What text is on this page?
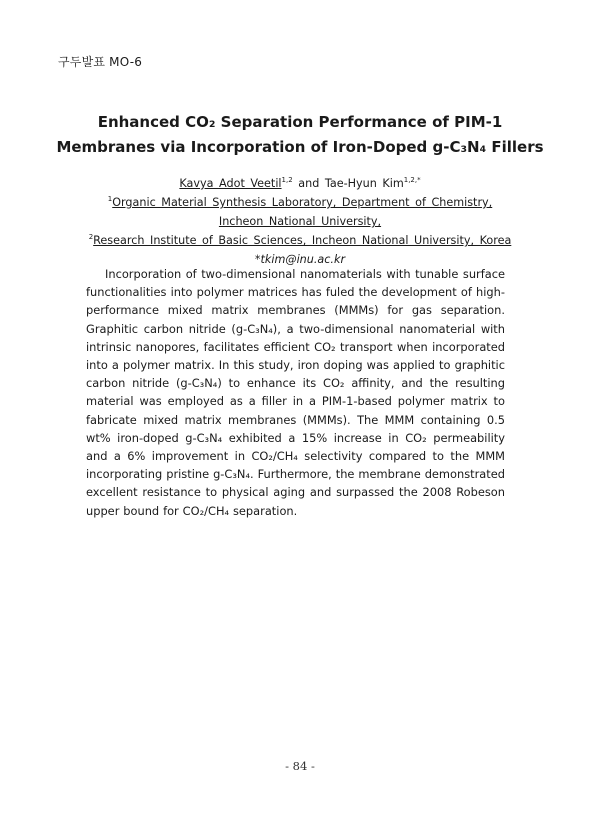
구두발표 MO-6
Enhanced CO₂ Separation Performance of PIM-1
Membranes via Incorporation of Iron-Doped g-C₃N₄ Fillers
Kavya Adot Veetil$^{1,2}$ and Tae-Hyun Kim$^{1,2,*}$
$^1$Organic Material Synthesis Laboratory, Department of Chemistry,
Incheon National University,
$^2$Research Institute of Basic Sciences, Incheon National University, Korea
*tkim@inu.ac.kr

Incorporation of two-dimensional nanomaterials with tunable surface functionalities into polymer matrices has fuled the development of high-performance mixed matrix membranes (MMMs) for gas separation. Graphitic carbon nitride (g-C₃N₄), a two-dimensional nanomaterial with intrinsic nanopores, facilitates efficient CO₂ transport when incorporated into a polymer matrix. In this study, iron doping was applied to graphitic carbon nitride (g-C₃N₄) to enhance its CO₂ affinity, and the resulting material was employed as a filler in a PIM-1-based polymer matrix to fabricate mixed matrix membranes (MMMs). The MMM containing 0.5 wt% iron-doped g-C₃N₄ exhibited a 15% increase in CO₂ permeability and a 6% improvement in CO₂/CH₄ selectivity compared to the MMM incorporating pristine g-C₃N₄. Furthermore, the membrane demonstrated excellent resistance to physical aging and surpassed the 2008 Robeson upper bound for CO₂/CH₄ separation.

- 84 -
